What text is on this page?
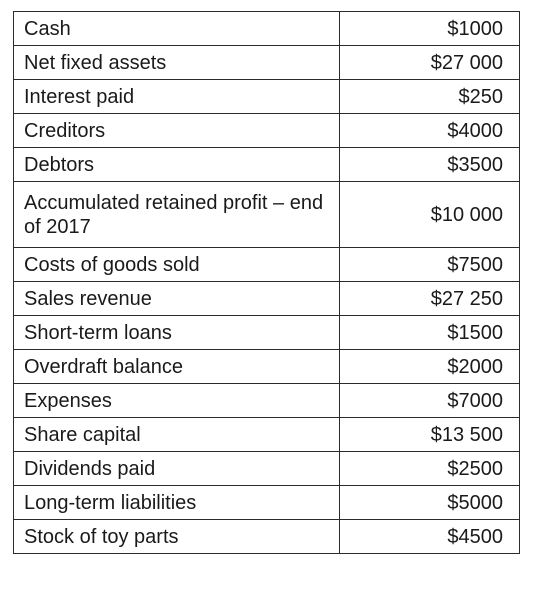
Cash	$1000
Net fixed assets	$27 000
Interest paid	$250
Creditors	$4000
Debtors	$3500
Accumulated retained profit – end of 2017	$10 000
Costs of goods sold	$7500
Sales revenue	$27 250
Short-term loans	$1500
Overdraft balance	$2000
Expenses	$7000
Share capital	$13 500
Dividends paid	$2500
Long-term liabilities	$5000
Stock of toy parts	$4500
